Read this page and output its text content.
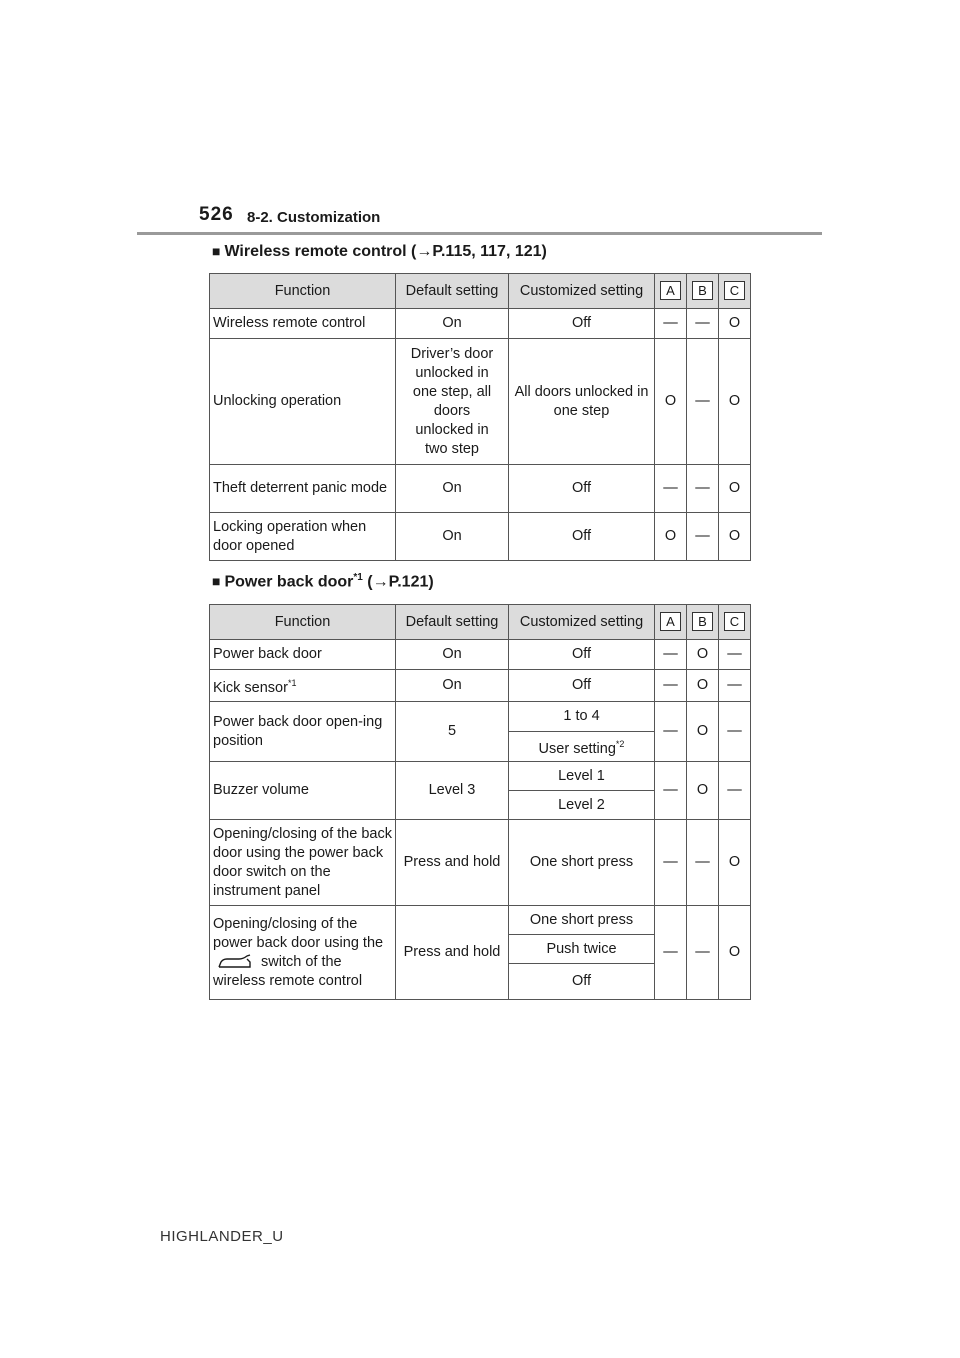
526 8-2. Customization
■ Wireless remote control (→P.115, 117, 121)
Function	Default setting	Customized setting	A	B	C
Wireless remote control	On	Off	—	—	O
Unlocking operation	Driver’s door unlocked in one step, all doors unlocked in two step	All doors unlocked in one step	O	—	O
Theft deterrent panic mode	On	Off	—	—	O
Locking operation when door opened	On	Off	O	—	O
■ Power back door$^{*1}$ (→P.121)
Function	Default setting	Customized setting	A	B	C
Power back door	On	Off	—	O	—
Kick sensor$^{*1}$	On	Off	—	O	—
Power back door open-ing position	5	1 to 4	—	O	—
		User setting$^{*2}$
Buzzer volume	Level 3	Level 1	—	O	—
		Level 2			
Opening/closing of the back door using the power back door switch on the instrument panel	Press and hold	One short press	—	—	O
Opening/closing of the power back door using the  switch of the wireless remote control	Press and hold	One short press	—	—	O
		Push twice			
		Off			
HIGHLANDER_U
